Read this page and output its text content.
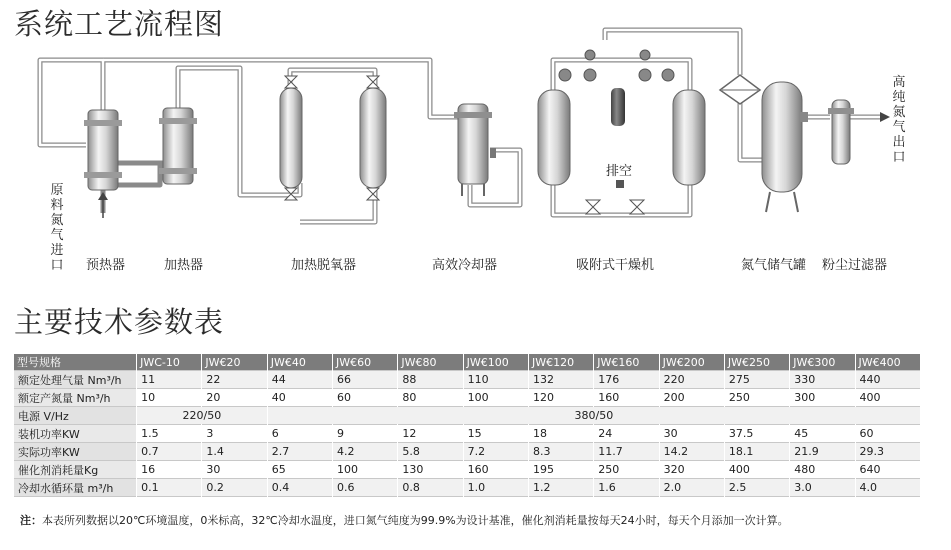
系统工艺流程图
原料氮气进口
高纯氮气出口
排空
预热器	加热器	加热脱氧器	高效冷却器	吸附式干燥机	氮气储气罐 粉尘过滤器
主要技术参数表
型号规格	JWC-10	JW€20	JW€40	JW€60	JW€80	JW€100	JW€120	JW€160	JW€200	JW€250	JW€300	JW€400
额定处理气量 Nm³/h	11	22	44	66	88	110	132	176	220	275	330	440
额定产氮量 Nm³/h	10	20	40	60	80	100	120	160	200	250	300	400
电源 V/Hz	220/50		380/50									
装机功率KW	1.5	3	6	9	12	15	18	24	30	37.5	45	60
实际功率KW	0.7	1.4	2.7	4.2	5.8	7.2	8.3	11.7	14.2	18.1	21.9	29.3
催化剂消耗量Kg	16	30	65	100	130	160	195	250	320	400	480	640
冷却水循环量 m³/h	0.1	0.2	0.4	0.6	0.8	1.0	1.2	1.6	2.0	2.5	3.0	4.0
注：本表所列数据以20℃环境温度，0米标高，32℃冷却水温度，进口氮气纯度为99.9%为设计基准，催化剂消耗量按每天24小时，每天个月添加一次计算。
